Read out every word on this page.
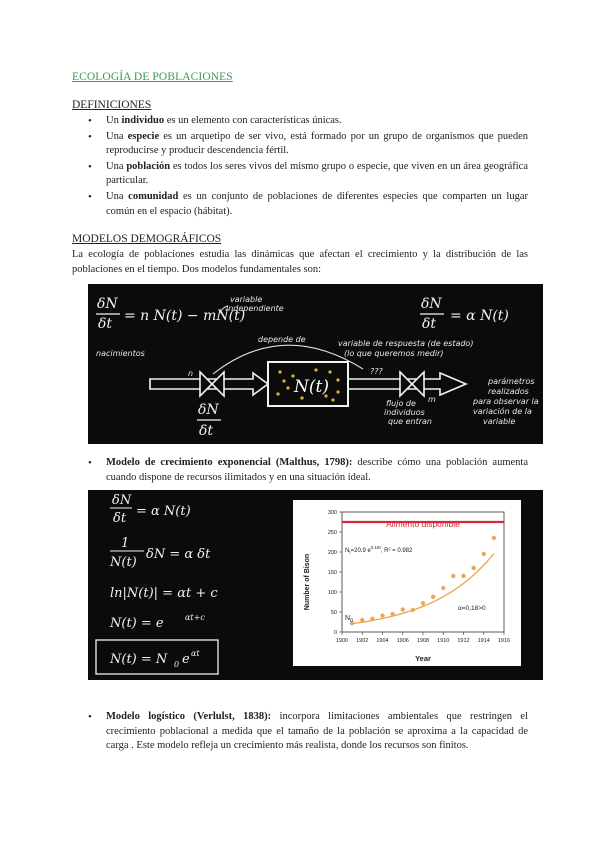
ECOLOGÍA DE POBLACIONES
DEFINICIONES
• Un individuo es un elemento con características únicas.
• Una especie es un arquetipo de ser vivo, está formado por un grupo de organismos que pueden reproducirse y producir descendencia fértil.
• Una población es todos los seres vivos del mismo grupo o especie, que viven en un área geográfica particular.
• Una comunidad es un conjunto de poblaciones de diferentes especies que comparten un lugar común en el espacio (hábitat).
MODELOS DEMOGRÁFICOS
La ecología de poblaciones estudia las dinámicas que afectan el crecimiento y la distribución de las poblaciones en el tiempo. Dos modelos fundamentales son:
δN
δt = n N(t) − mN(t)
δN
δt = α N(t)
δN
δt
variable
independiente
depende de
nacimientos
n
variable de respuesta (de estado)
(lo que queremos medir)
???
m
flujo de
individuos
que entran
parámetros
realizados
para observar la
variación de la
variable
N(t)
• Modelo de crecimiento exponencial (Malthus, 1798): describe cómo una población aumenta cuando dispone de recursos ilimitados y en una situación ideal.
δN
δt = α N(t)
1
N(t)
δN = α δt
ln|N(t)| = αt + c
N(t) = e	αt+c
N(t) = N 0 e αt
1900 1902 1904 1906 1908 1910 1912 1914 1916
0
50
100
150
200
250
300
Alimento disponible
Year
Number of Bison
$N_t=20.9$ $e^{0.16t}$, R² = 0.982
α=0,18>0
$N_0$
• Modelo logístico (Verlulst, 1838): incorpora limitaciones ambientales que restringen el crecimiento poblacional a medida que el tamaño de la población se aproxima a la capacidad de carga . Este modelo refleja un crecimiento más realista, donde los recursos son finitos.
